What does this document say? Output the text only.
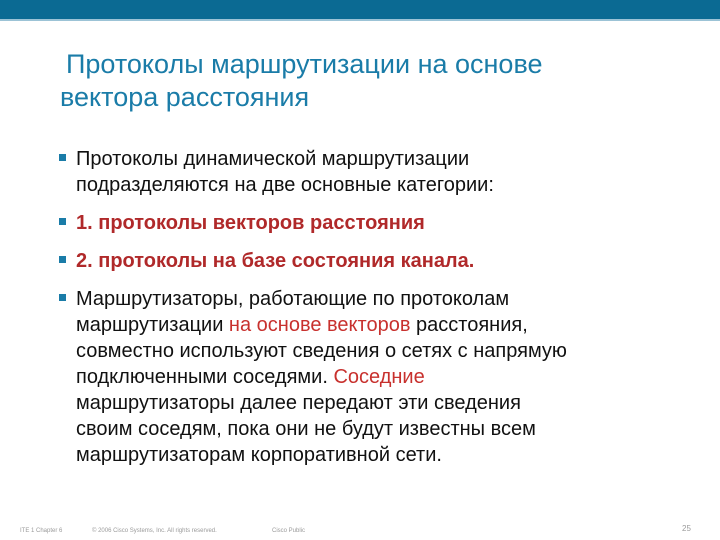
Протоколы маршрутизации на основе
вектора расстояния

Протоколы динамической маршрутизации
подразделяются на две основные категории:

1. протоколы векторов расстояния

2. протоколы на базе состояния канала.

Маршрутизаторы, работающие по протоколам
маршрутизации на основе векторов расстояния,
совместно используют сведения о сетях с напрямую
подключенными соседями. Соседние
маршрутизаторы далее передают эти сведения
своим соседям, пока они не будут известны всем
маршрутизаторам корпоративной сети.

ITE 1 Chapter 6	© 2006 Cisco Systems, Inc. All rights reserved.	Cisco Public	25
